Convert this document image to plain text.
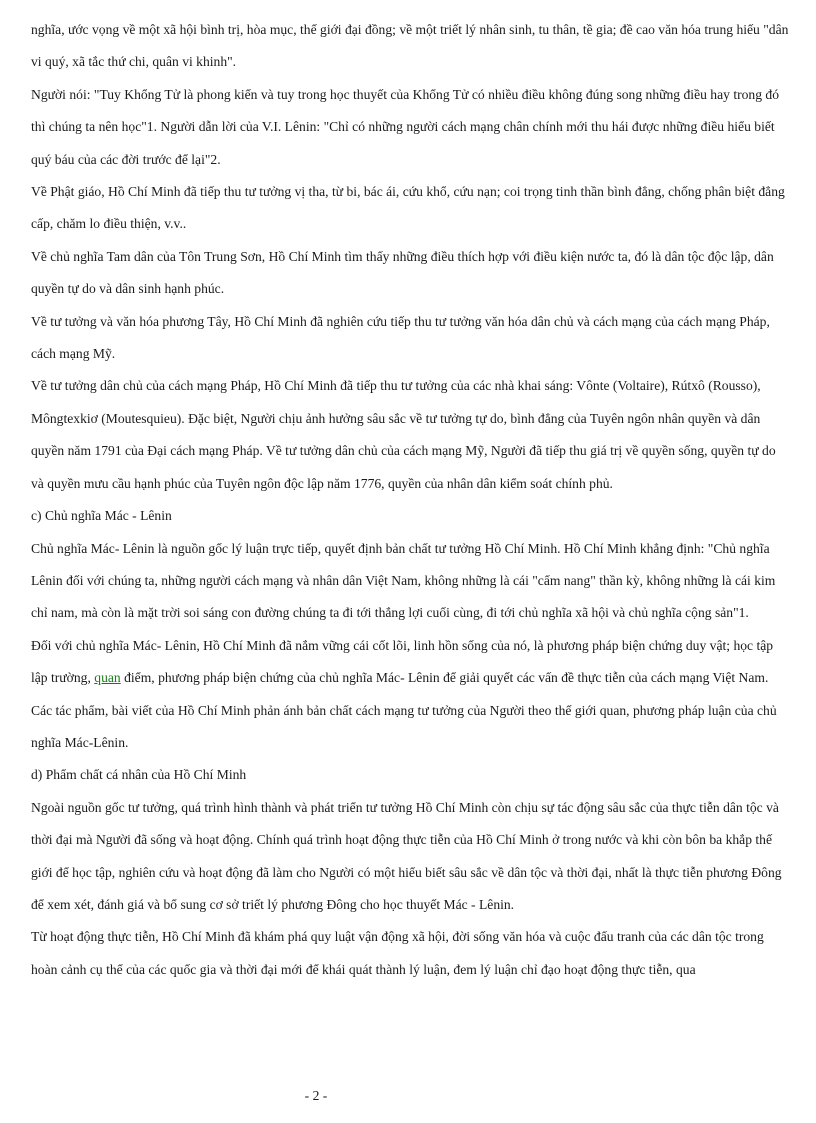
nghĩa, ước vọng về một xã hội bình trị, hòa mục, thế giới đại đồng; về một triết lý nhân sinh, tu thân, tề gia; đề cao văn hóa trung hiếu "dân vi quý, xã tắc thứ chi, quân vi khinh".

Người nói: "Tuy Khổng Tử là phong kiến và tuy trong học thuyết của Khổng Tử có nhiều điều không đúng song những điều hay trong đó thì chúng ta nên học"1. Người dẫn lời của V.I. Lênin: "Chỉ có những người cách mạng chân chính mới thu hái được những điều hiểu biết quý báu của các đời trước để lại"2.

Về Phật giáo, Hồ Chí Minh đã tiếp thu tư tưởng vị tha, từ bi, bác ái, cứu khổ, cứu nạn; coi trọng tinh thần bình đẳng, chống phân biệt đẳng cấp, chăm lo điều thiện, v.v..

Về chủ nghĩa Tam dân của Tôn Trung Sơn, Hồ Chí Minh tìm thấy những điều thích hợp với điều kiện nước ta, đó là dân tộc độc lập, dân quyền tự do và dân sinh hạnh phúc.

Về tư tưởng và văn hóa phương Tây, Hồ Chí Minh đã nghiên cứu tiếp thu tư tưởng văn hóa dân chủ và cách mạng của cách mạng Pháp, cách mạng Mỹ.

Về tư tưởng dân chủ của cách mạng Pháp, Hồ Chí Minh đã tiếp thu tư tưởng của các nhà khai sáng: Vônte (Voltaire), Rútxô (Rousso), Môngtexkiơ (Moutesquieu). Đặc biệt, Người chịu ảnh hưởng sâu sắc về tư tưởng tự do, bình đẳng của Tuyên ngôn nhân quyền và dân quyền năm 1791 của Đại cách mạng Pháp. Về tư tưởng dân chủ của cách mạng Mỹ, Người đã tiếp thu giá trị về quyền sống, quyền tự do và quyền mưu cầu hạnh phúc của Tuyên ngôn độc lập năm 1776, quyền của nhân dân kiểm soát chính phủ.

c) Chủ nghĩa Mác - Lênin

Chủ nghĩa Mác- Lênin là nguồn gốc lý luận trực tiếp, quyết định bản chất tư tưởng Hồ Chí Minh. Hồ Chí Minh khẳng định: "Chủ nghĩa Lênin đối với chúng ta, những người cách mạng và nhân dân Việt Nam, không những là cái "cẩm nang" thần kỳ, không những là cái kim chỉ nam, mà còn là mặt trời soi sáng con đường chúng ta đi tới thắng lợi cuối cùng, đi tới chủ nghĩa xã hội và chủ nghĩa cộng sản"1.

Đối với chủ nghĩa Mác- Lênin, Hồ Chí Minh đã nắm vững cái cốt lõi, linh hồn sống của nó, là phương pháp biện chứng duy vật; học tập lập trường, quan điểm, phương pháp biện chứng của chủ nghĩa Mác- Lênin để giải quyết các vấn đề thực tiễn của cách mạng Việt Nam.

Các tác phẩm, bài viết của Hồ Chí Minh phản ánh bản chất cách mạng tư tưởng của Người theo thế giới quan, phương pháp luận của chủ nghĩa Mác-Lênin.

d) Phẩm chất cá nhân của Hồ Chí Minh

Ngoài nguồn gốc tư tưởng, quá trình hình thành và phát triển tư tưởng Hồ Chí Minh còn chịu sự tác động sâu sắc của thực tiễn dân tộc và thời đại mà Người đã sống và hoạt động. Chính quá trình hoạt động thực tiễn của Hồ Chí Minh ở trong nước và khi còn bôn ba khắp thế giới để học tập, nghiên cứu và hoạt động đã làm cho Người có một hiểu biết sâu sắc về dân tộc và thời đại, nhất là thực tiễn phương Đông để xem xét, đánh giá và bổ sung cơ sở triết lý phương Đông cho học thuyết Mác - Lênin.

Từ hoạt động thực tiễn, Hồ Chí Minh đã khám phá quy luật vận động xã hội, đời sống văn hóa và cuộc đấu tranh của các dân tộc trong hoàn cảnh cụ thể của các quốc gia và thời đại mới để khái quát thành lý luận, đem lý luận chỉ đạo hoạt động thực tiễn, qua

- 2 -
